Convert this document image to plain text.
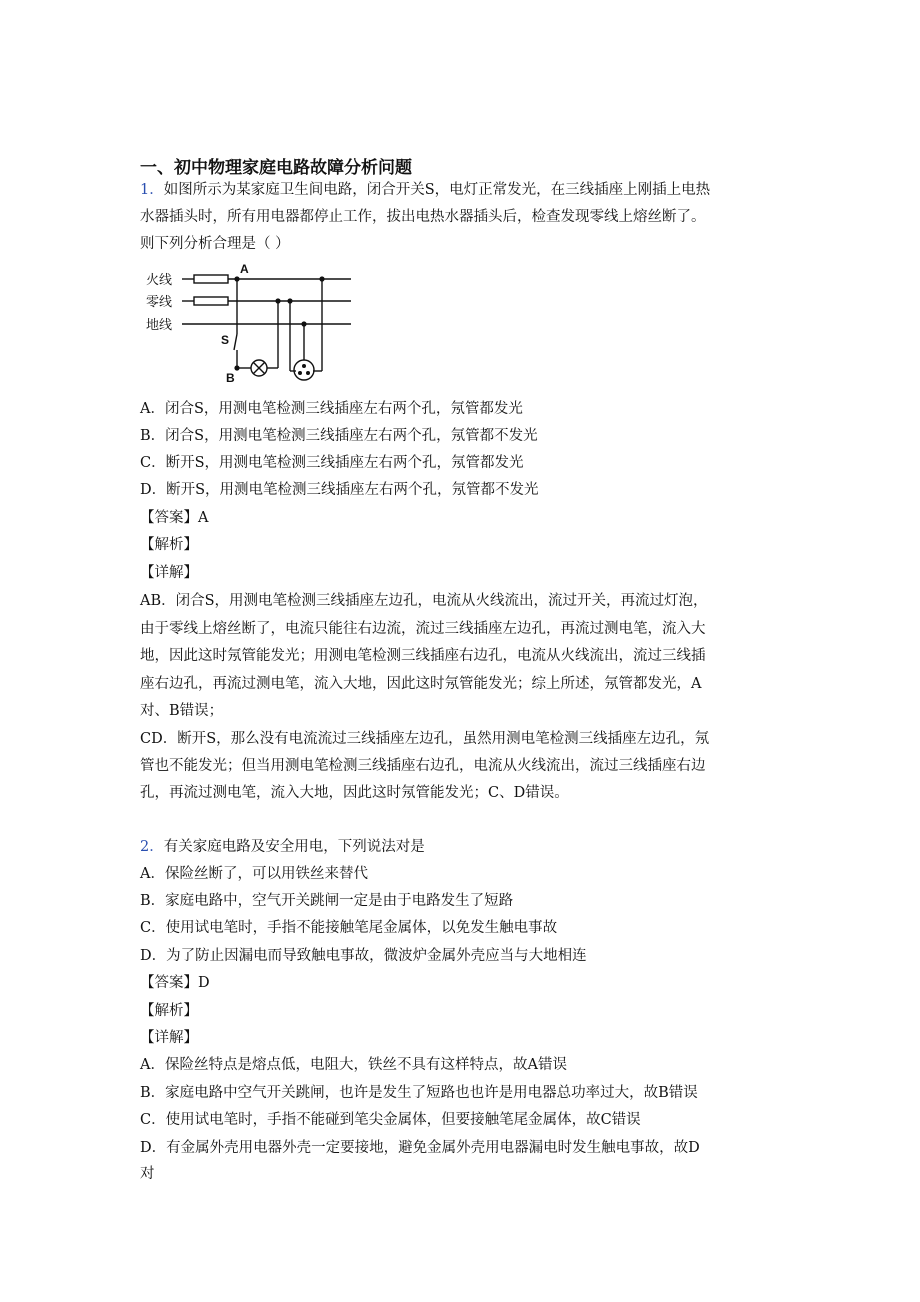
一、初中物理家庭电路故障分析问题
1．如图所示为某家庭卫生间电路，闭合开关S，电灯正常发光，在三线插座上刚插上电热
水器插头时，所有用电器都停止工作，拔出电热水器插头后，检查发现零线上熔丝断了。
则下列分析合理是（ ）
火线
零线
地线
A
B
S
A．闭合S，用测电笔检测三线插座左右两个孔，氖管都发光
B．闭合S，用测电笔检测三线插座左右两个孔，氖管都不发光
C．断开S，用测电笔检测三线插座左右两个孔，氖管都发光
D．断开S，用测电笔检测三线插座左右两个孔，氖管都不发光
【答案】A
【解析】
【详解】
AB．闭合S，用测电笔检测三线插座左边孔，电流从火线流出，流过开关，再流过灯泡，
由于零线上熔丝断了，电流只能往右边流，流过三线插座左边孔，再流过测电笔，流入大
地，因此这时氖管能发光；用测电笔检测三线插座右边孔，电流从火线流出，流过三线插
座右边孔，再流过测电笔，流入大地，因此这时氖管能发光；综上所述，氖管都发光，A
对、B错误；
CD．断开S，那么没有电流流过三线插座左边孔，虽然用测电笔检测三线插座左边孔，氖
管也不能发光；但当用测电笔检测三线插座右边孔，电流从火线流出，流过三线插座右边
孔，再流过测电笔，流入大地，因此这时氖管能发光；C、D错误。
2．有关家庭电路及安全用电，下列说法对是
A．保险丝断了，可以用铁丝来替代
B．家庭电路中，空气开关跳闸一定是由于电路发生了短路
C．使用试电笔时，手指不能接触笔尾金属体，以免发生触电事故
D．为了防止因漏电而导致触电事故，微波炉金属外壳应当与大地相连
【答案】D
【解析】
【详解】
A．保险丝特点是熔点低，电阻大，铁丝不具有这样特点，故A错误
B．家庭电路中空气开关跳闸，也许是发生了短路也也许是用电器总功率过大，故B错误
C．使用试电笔时，手指不能碰到笔尖金属体，但要接触笔尾金属体，故C错误
D．有金属外壳用电器外壳一定要接地，避免金属外壳用电器漏电时发生触电事故，故D
对
